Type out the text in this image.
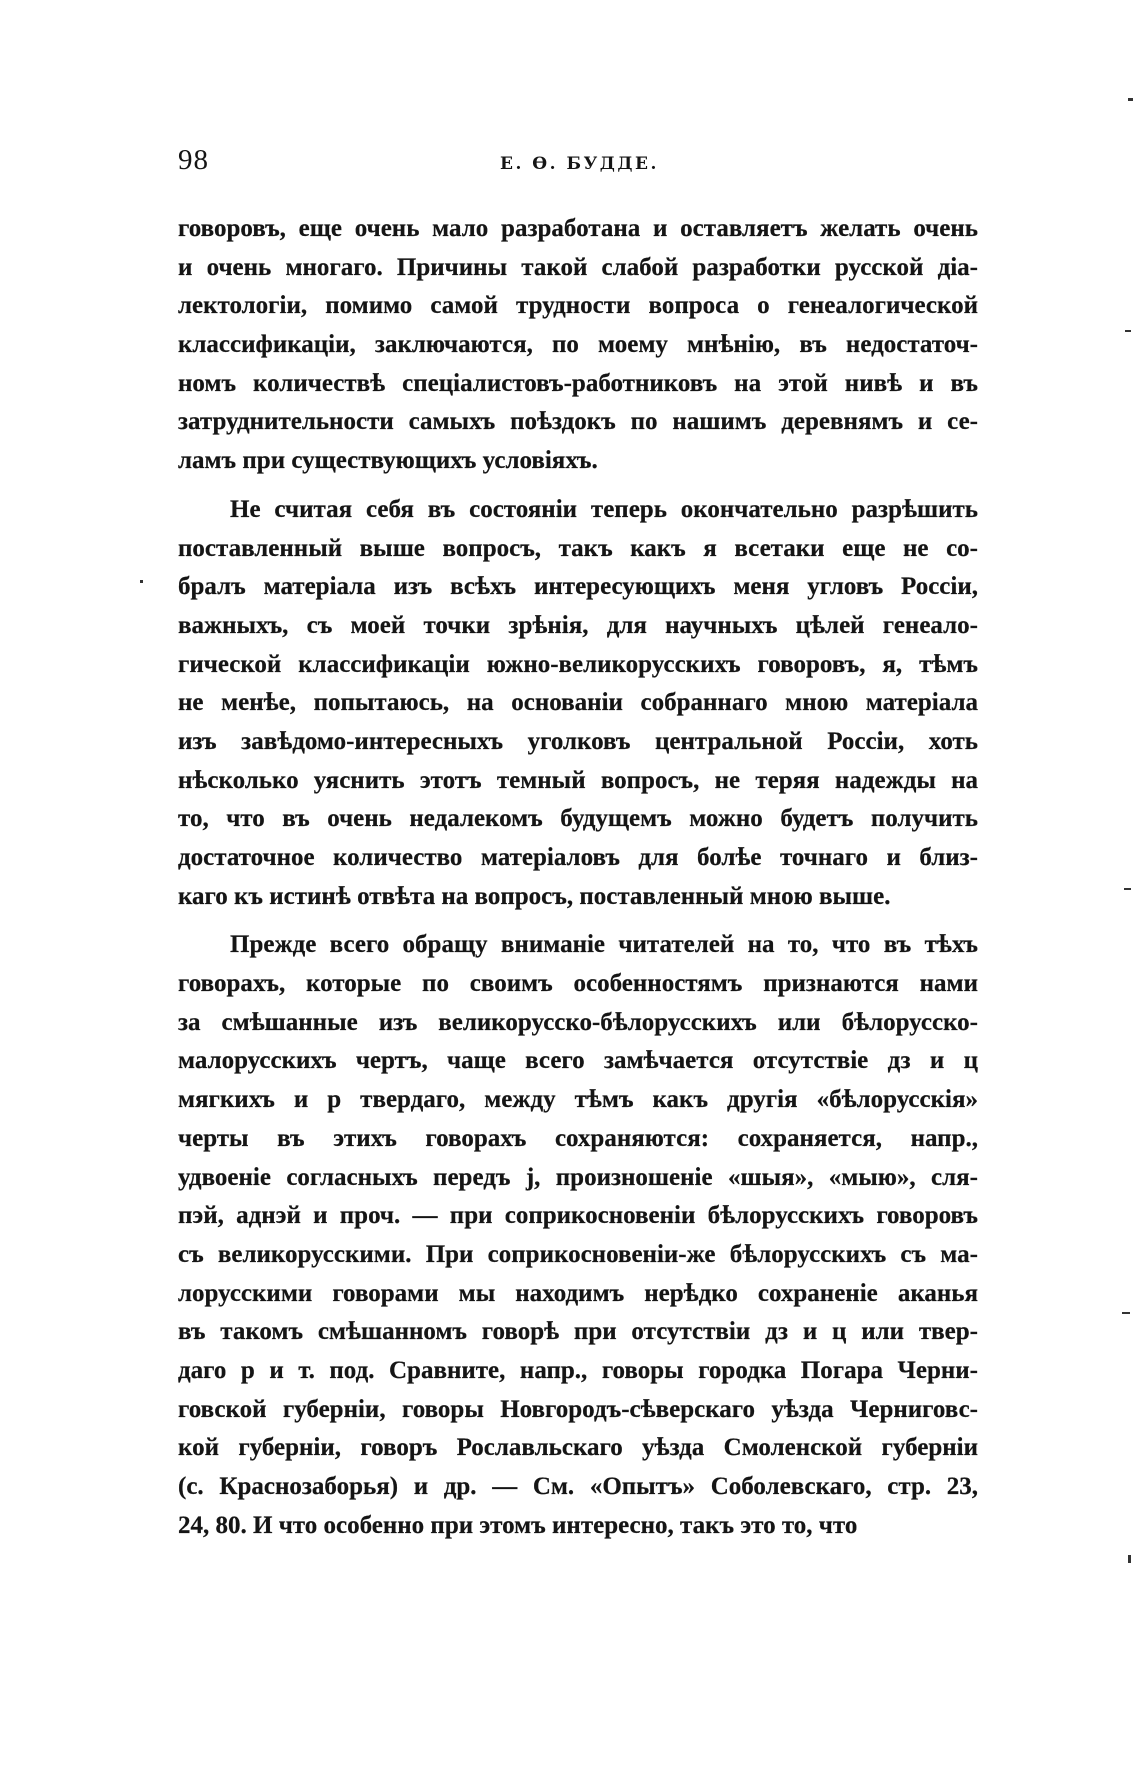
98	Е. Ѳ. БУДДЕ.
говоровъ, еще очень мало разработана и оставляетъ желать очень
и очень многаго. Причины такой слабой разработки русской діа-
лектологіи, помимо самой трудности вопроса о генеалогической
классификаціи, заключаются, по моему мнѣнію, въ недостаточ-
номъ количествѣ спеціалистовъ-работниковъ на этой нивѣ и въ
затруднительности самыхъ поѣздокъ по нашимъ деревнямъ и се-
ламъ при существующихъ условіяхъ.
Не считая себя въ состояніи теперь окончательно разрѣшить
поставленный выше вопросъ, такъ какъ я всетаки еще не со-
бралъ матеріала изъ всѣхъ интересующихъ меня угловъ Россіи,
важныхъ, съ моей точки зрѣнія, для научныхъ цѣлей генеало-
гической классификаціи южно-великорусскихъ говоровъ, я, тѣмъ
не менѣе, попытаюсь, на основаніи собраннаго мною матеріала
изъ завѣдомо-интересныхъ уголковъ центральной Россіи, хоть
нѣсколько уяснить этотъ темный вопросъ, не теряя надежды на
то, что въ очень недалекомъ будущемъ можно будетъ получить
достаточное количество матеріаловъ для болѣе точнаго и близ-
каго къ истинѣ отвѣта на вопросъ, поставленный мною выше.
Прежде всего обращу вниманіе читателей на то, что въ тѣхъ
говорахъ, которые по своимъ особенностямъ признаются нами
за смѣшанные изъ великорусско-бѣлорусскихъ или бѣлорусско-
малорусскихъ чертъ, чаще всего замѣчается отсутствіе дз и ц
мягкихъ и р твердаго, между тѣмъ какъ другія «бѣлорусскія»
черты въ этихъ говорахъ сохраняются: сохраняется, напр.,
удвоеніе согласныхъ передъ j, произношеніе «шыя», «мыю», сля-
пэй, аднэй и проч. — при соприкосновеніи бѣлорусскихъ говоровъ
съ великорусскими. При соприкосновеніи-же бѣлорусскихъ съ ма-
лорусскими говорами мы находимъ нерѣдко сохраненіе аканья
въ такомъ смѣшанномъ говорѣ при отсутствіи дз и ц или твер-
даго р и т. под. Сравните, напр., говоры городка Погара Черни-
говской губерніи, говоры Новгородъ-сѣверскаго уѣзда Черниговс-
кой губерніи, говоръ Рославльскаго уѣзда Смоленской губерніи
(с. Краснозаборья) и др. — См. «Опытъ» Соболевскаго, стр. 23,
24, 80. И что особенно при этомъ интересно, такъ это то, что
